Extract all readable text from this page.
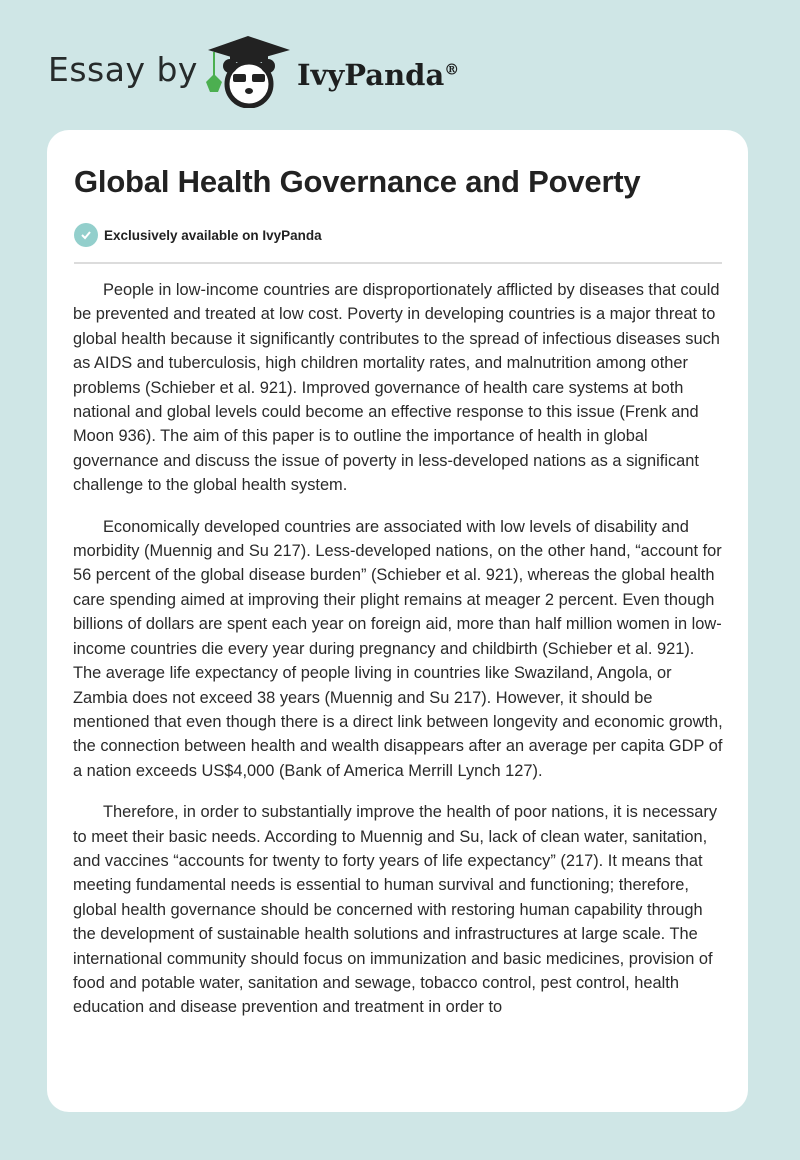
Essay by	IvyPanda®
Global Health Governance and Poverty
Exclusively available on IvyPanda

People in low-income countries are disproportionately afflicted by diseases that could be prevented and treated at low cost. Poverty in developing countries is a major threat to global health because it significantly contributes to the spread of infectious diseases such as AIDS and tuberculosis, high children mortality rates, and malnutrition among other problems (Schieber et al. 921). Improved governance of health care systems at both national and global levels could become an effective response to this issue (Frenk and Moon 936). The aim of this paper is to outline the importance of health in global governance and discuss the issue of poverty in less-developed nations as a significant challenge to the global health system.

Economically developed countries are associated with low levels of disability and morbidity (Muennig and Su 217). Less-developed nations, on the other hand, “account for 56 percent of the global disease burden” (Schieber et al. 921), whereas the global health care spending aimed at improving their plight remains at meager 2 percent. Even though billions of dollars are spent each year on foreign aid, more than half million women in low-income countries die every year during pregnancy and childbirth (Schieber et al. 921). The average life expectancy of people living in countries like Swaziland, Angola, or Zambia does not exceed 38 years (Muennig and Su 217). However, it should be mentioned that even though there is a direct link between longevity and economic growth, the connection between health and wealth disappears after an average per capita GDP of a nation exceeds US$4,000 (Bank of America Merrill Lynch 127).

Therefore, in order to substantially improve the health of poor nations, it is necessary to meet their basic needs. According to Muennig and Su, lack of clean water, sanitation, and vaccines “accounts for twenty to forty years of life expectancy” (217). It means that meeting fundamental needs is essential to human survival and functioning; therefore, global health governance should be concerned with restoring human capability through the development of sustainable health solutions and infrastructures at large scale. The international community should focus on immunization and basic medicines, provision of food and potable water, sanitation and sewage, tobacco control, pest control, health education and disease prevention and treatment in order to
